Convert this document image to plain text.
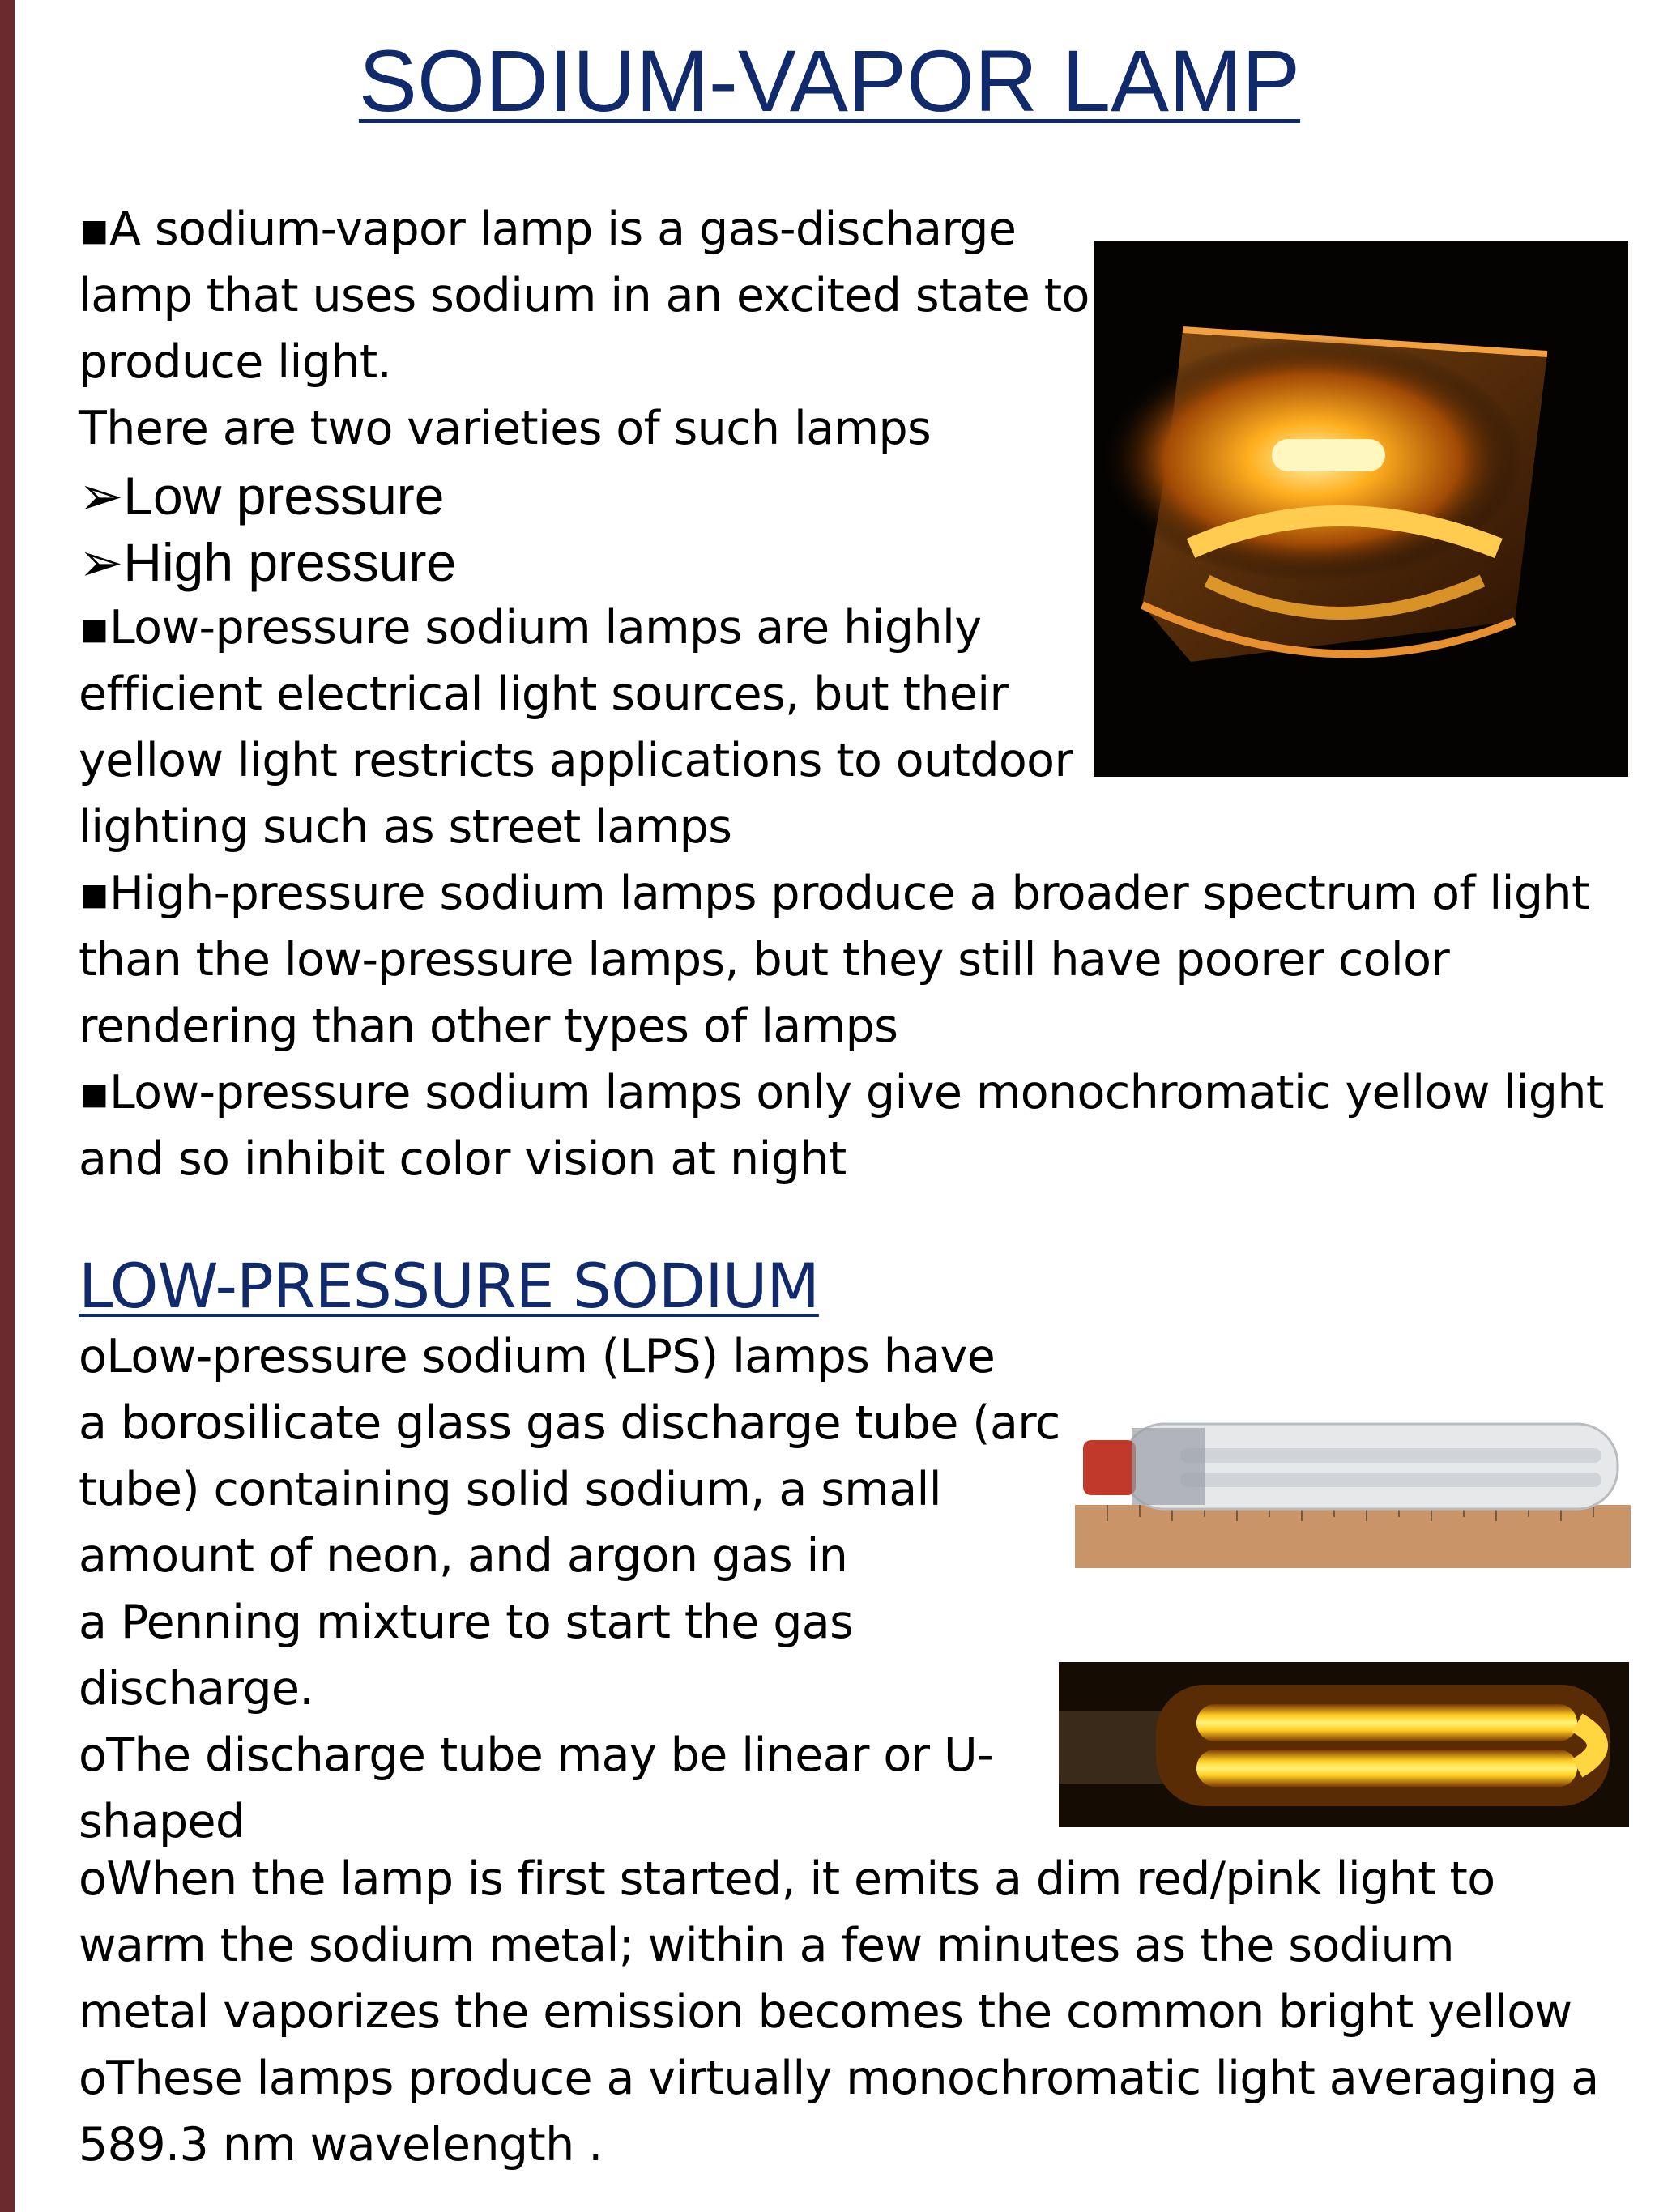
SODIUM-VAPOR LAMP
▪A sodium-vapor lamp is a gas-discharge
lamp that uses sodium in an excited state to
produce light.
There are two varieties of such lamps
➢Low pressure
➢High pressure
▪Low-pressure sodium lamps are highly
efficient electrical light sources, but their
yellow light restricts applications to outdoor
lighting such as street lamps
▪High-pressure sodium lamps produce a broader spectrum of light
than the low-pressure lamps, but they still have poorer color
rendering than other types of lamps
▪Low-pressure sodium lamps only give monochromatic yellow light
and so inhibit color vision at night
LOW-PRESSURE SODIUM
oLow-pressure sodium (LPS) lamps have
a borosilicate glass gas discharge tube (arc
tube) containing solid sodium, a small
amount of neon, and argon gas in
a Penning mixture to start the gas
discharge.
oThe discharge tube may be linear or U-
shaped
oWhen the lamp is first started, it emits a dim red/pink light to
warm the sodium metal; within a few minutes as the sodium
metal vaporizes the emission becomes the common bright yellow
oThese lamps produce a virtually monochromatic light averaging a
589.3 nm wavelength .
